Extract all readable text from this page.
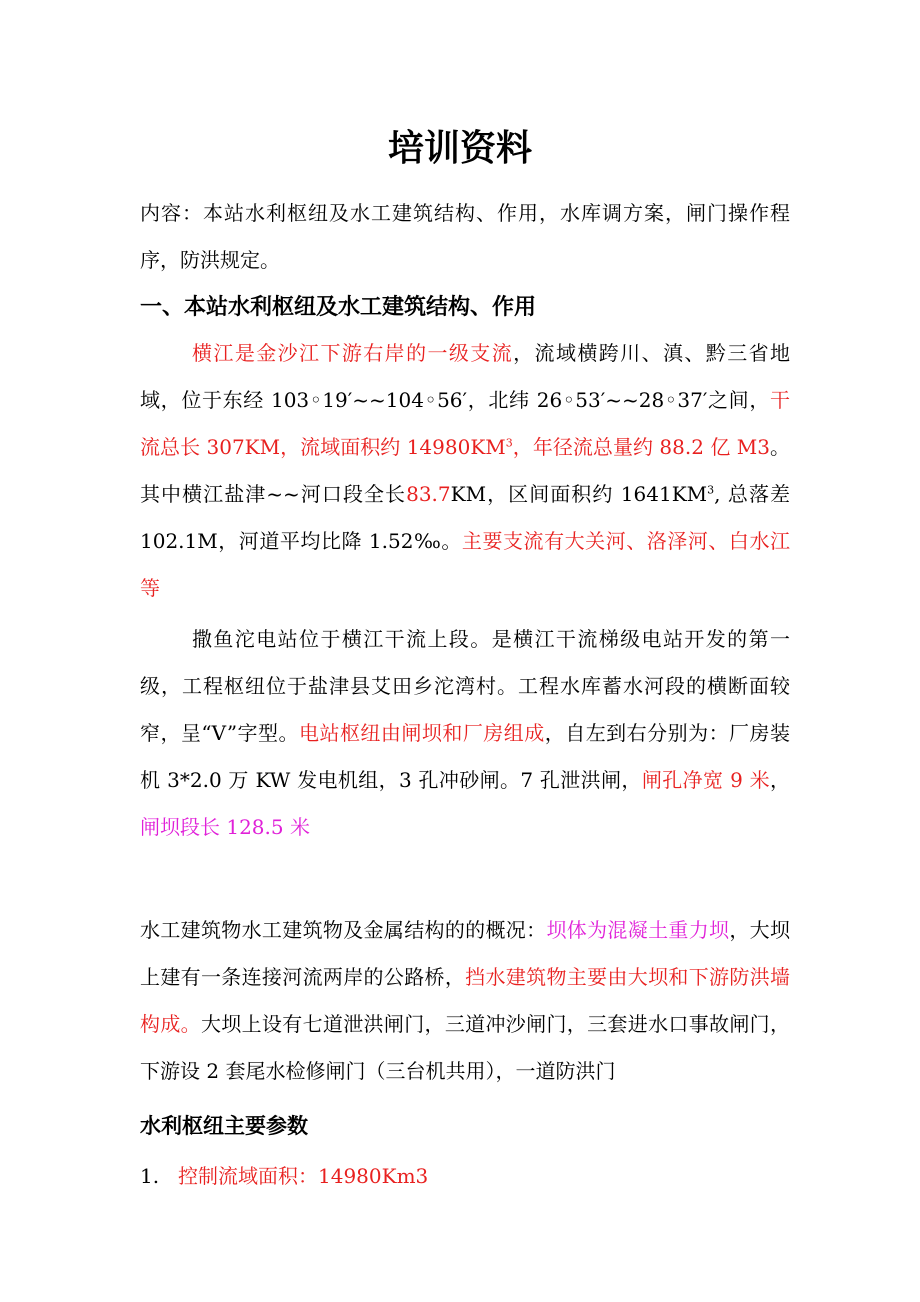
培训资料

内容：本站水利枢纽及水工建筑结构、作用，水库调方案，闸门操作程序，防洪规定。

一、本站水利枢纽及水工建筑结构、作用

横江是金沙江下游右岸的一级支流，流域横跨川、滇、黔三省地域，位于东经 103◦19′~~104◦56′，北纬 26◦53′~~28◦37′之间，干流总长 307KM，流域面积约 $14980KM^3$，年径流总量约 88.2 亿 M3。其中横江盐津~~河口段全长83.7KM，区间面积约 $1641KM^3$, 总落差 102.1M，河道平均比降 1.52‰。主要支流有大关河、洛泽河、白水江等

撒鱼沱电站位于横江干流上段。是横江干流梯级电站开发的第一级，工程枢纽位于盐津县艾田乡沱湾村。工程水库蓄水河段的横断面较窄，呈“V”字型。电站枢纽由闸坝和厂房组成，自左到右分别为：厂房装机 3*2.0 万 KW 发电机组，3 孔冲砂闸。7 孔泄洪闸，闸孔净宽 9 米，闸坝段长 128.5 米

水工建筑物水工建筑物及金属结构的的概况：坝体为混凝土重力坝，大坝上建有一条连接河流两岸的公路桥，挡水建筑物主要由大坝和下游防洪墙构成。大坝上设有七道泄洪闸门，三道冲沙闸门，三套进水口事故闸门，下游设 2 套尾水检修闸门（三台机共用），一道防洪门

水利枢纽主要参数
1. 控制流域面积：14980Km3
